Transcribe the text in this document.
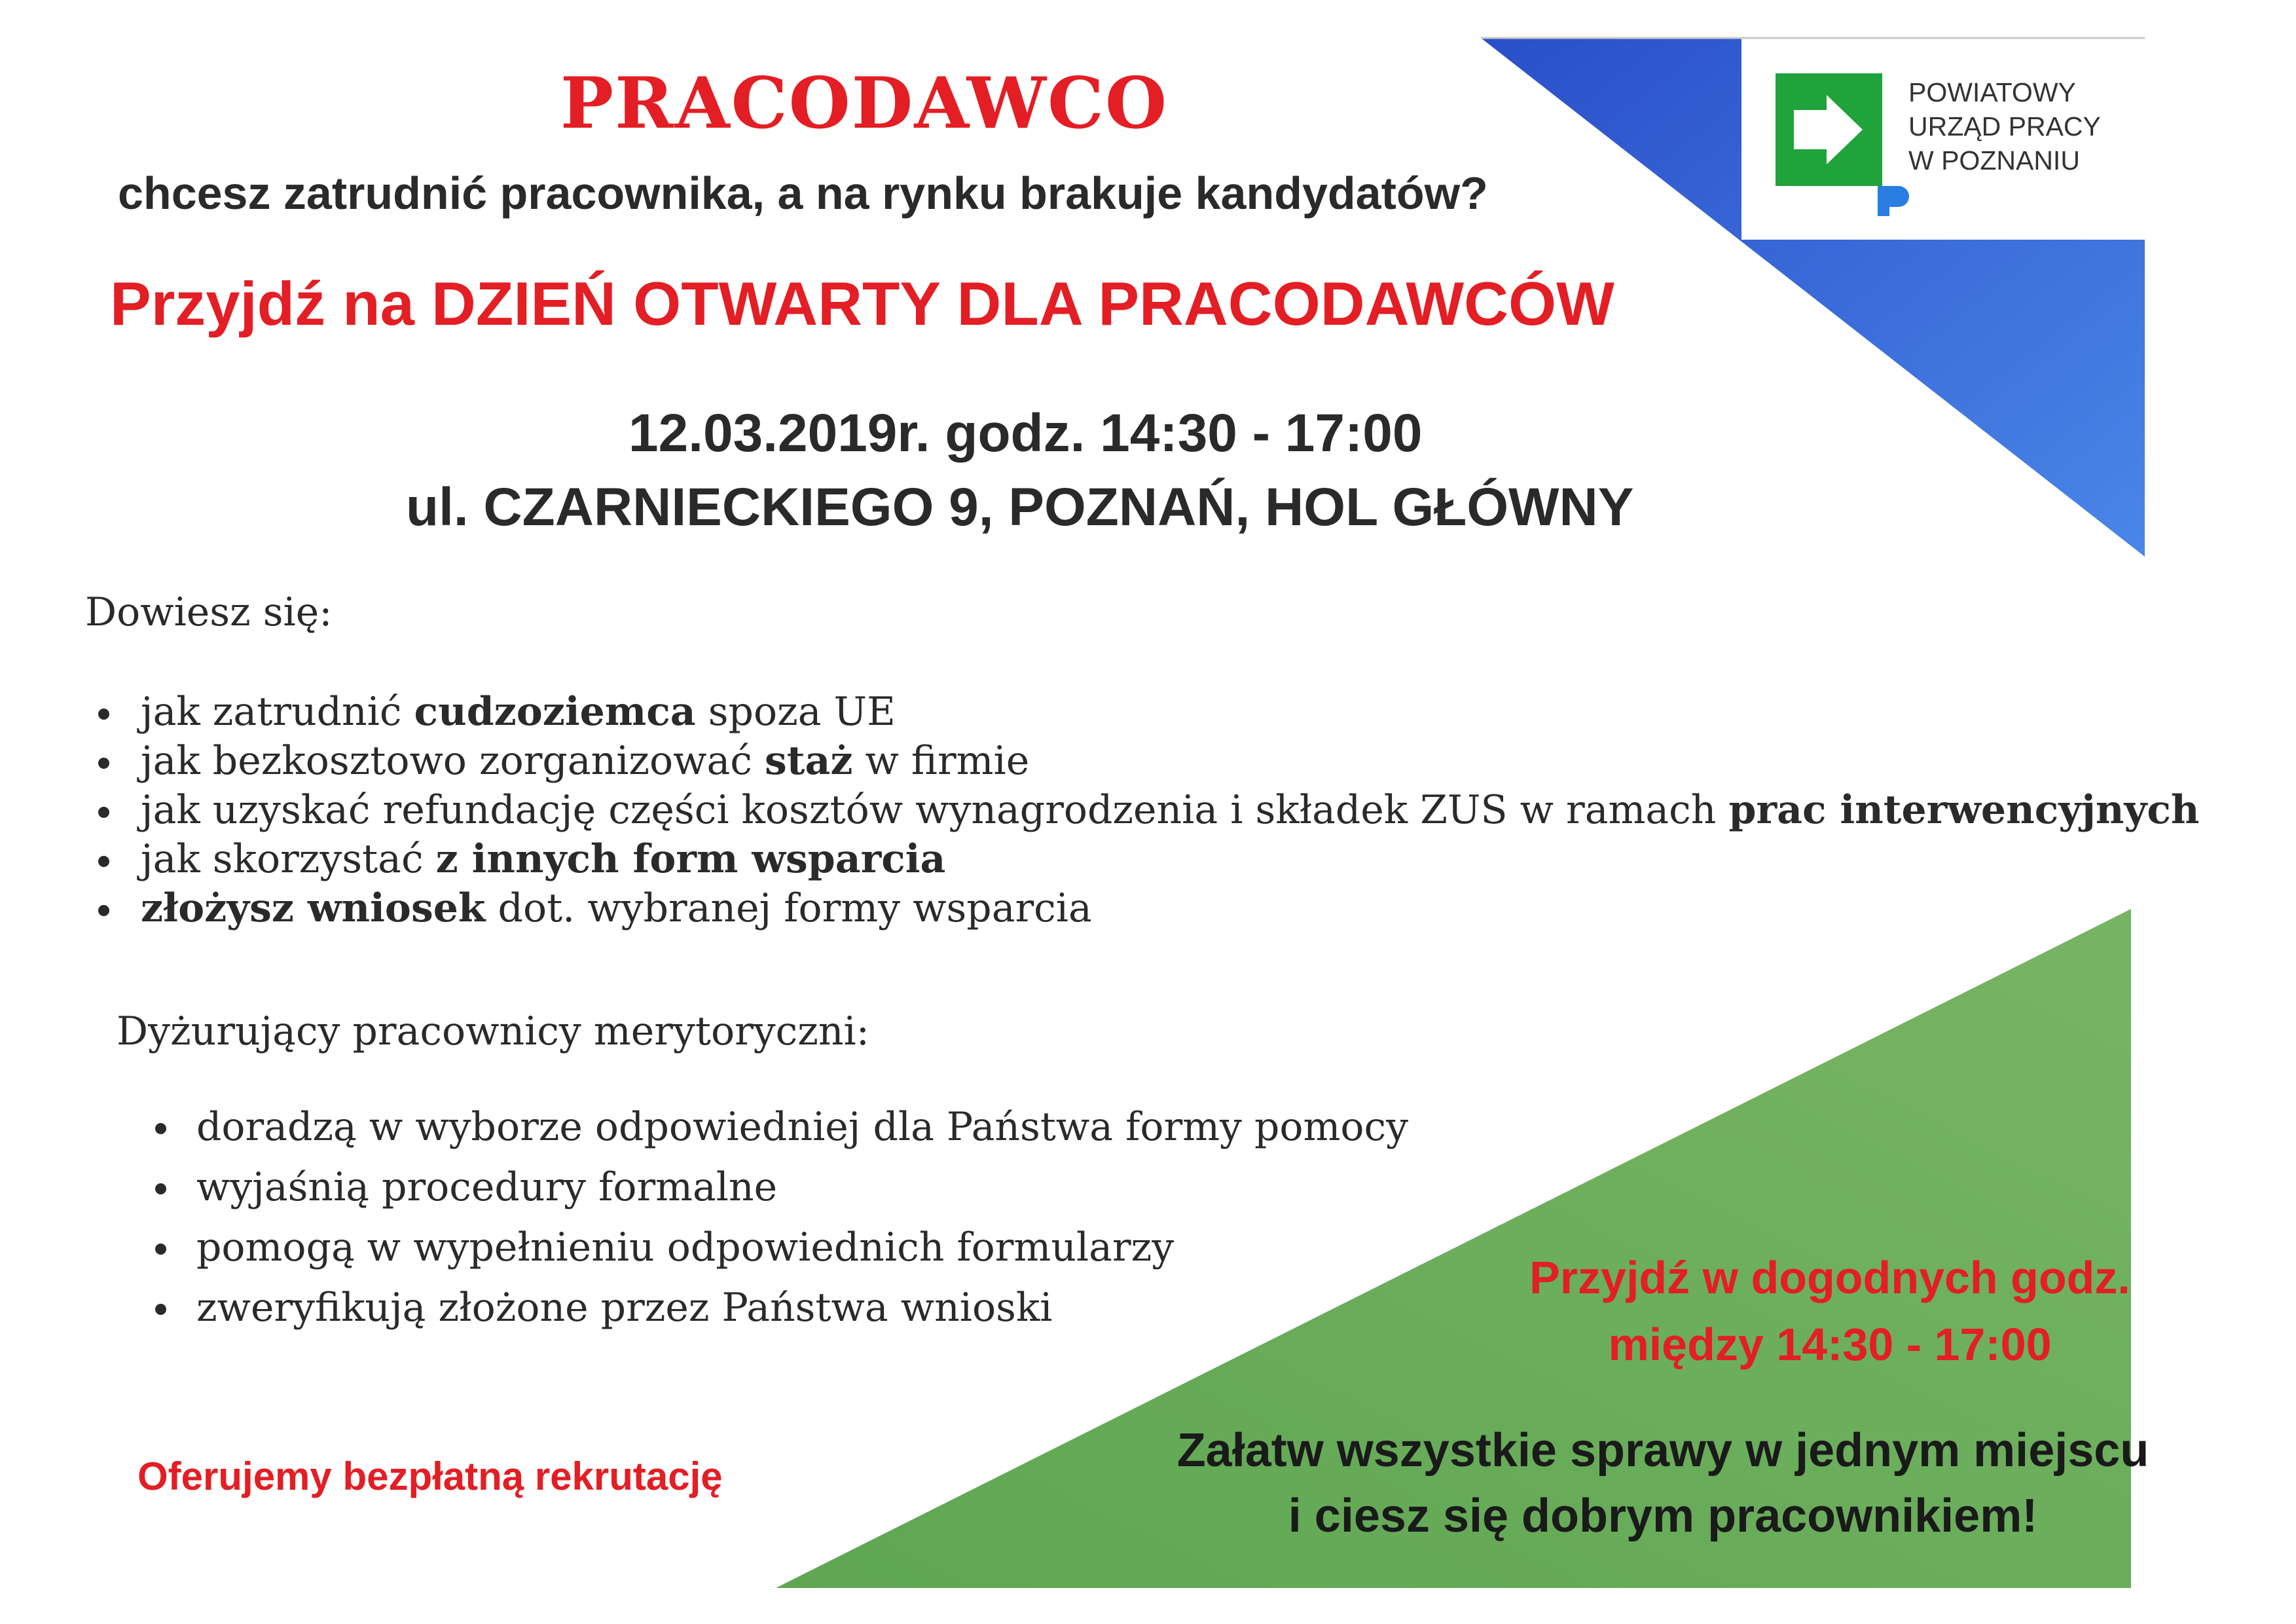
PRACODAWCO
chcesz zatrudnić pracownika, a na rynku brakuje kandydatów?
Przyjdź na DZIEŃ OTWARTY DLA PRACODAWCÓW
12.03.2019r. godz. 14:30 - 17:00
ul. CZARNIECKIEGO 9, POZNAŃ, HOL GŁÓWNY
POWIATOWY
URZĄD PRACY
W POZNANIU
Dowiesz się:
jak zatrudnić cudzoziemca spoza UE
jak bezkosztowo zorganizować staż w firmie
jak uzyskać refundację części kosztów wynagrodzenia i składek ZUS w ramach prac interwencyjnych
jak skorzystać z innych form wsparcia
złożysz wniosek dot. wybranej formy wsparcia
Dyżurujący pracownicy merytoryczni:
doradzą w wyborze odpowiedniej dla Państwa formy pomocy
wyjaśnią procedury formalne
pomogą w wypełnieniu odpowiednich formularzy
zweryfikują złożone przez Państwa wnioski
Przyjdź w dogodnych godz.
między 14:30 - 17:00
Załatw wszystkie sprawy w jednym miejscu
i ciesz się dobrym pracownikiem!
Oferujemy bezpłatną rekrutację
